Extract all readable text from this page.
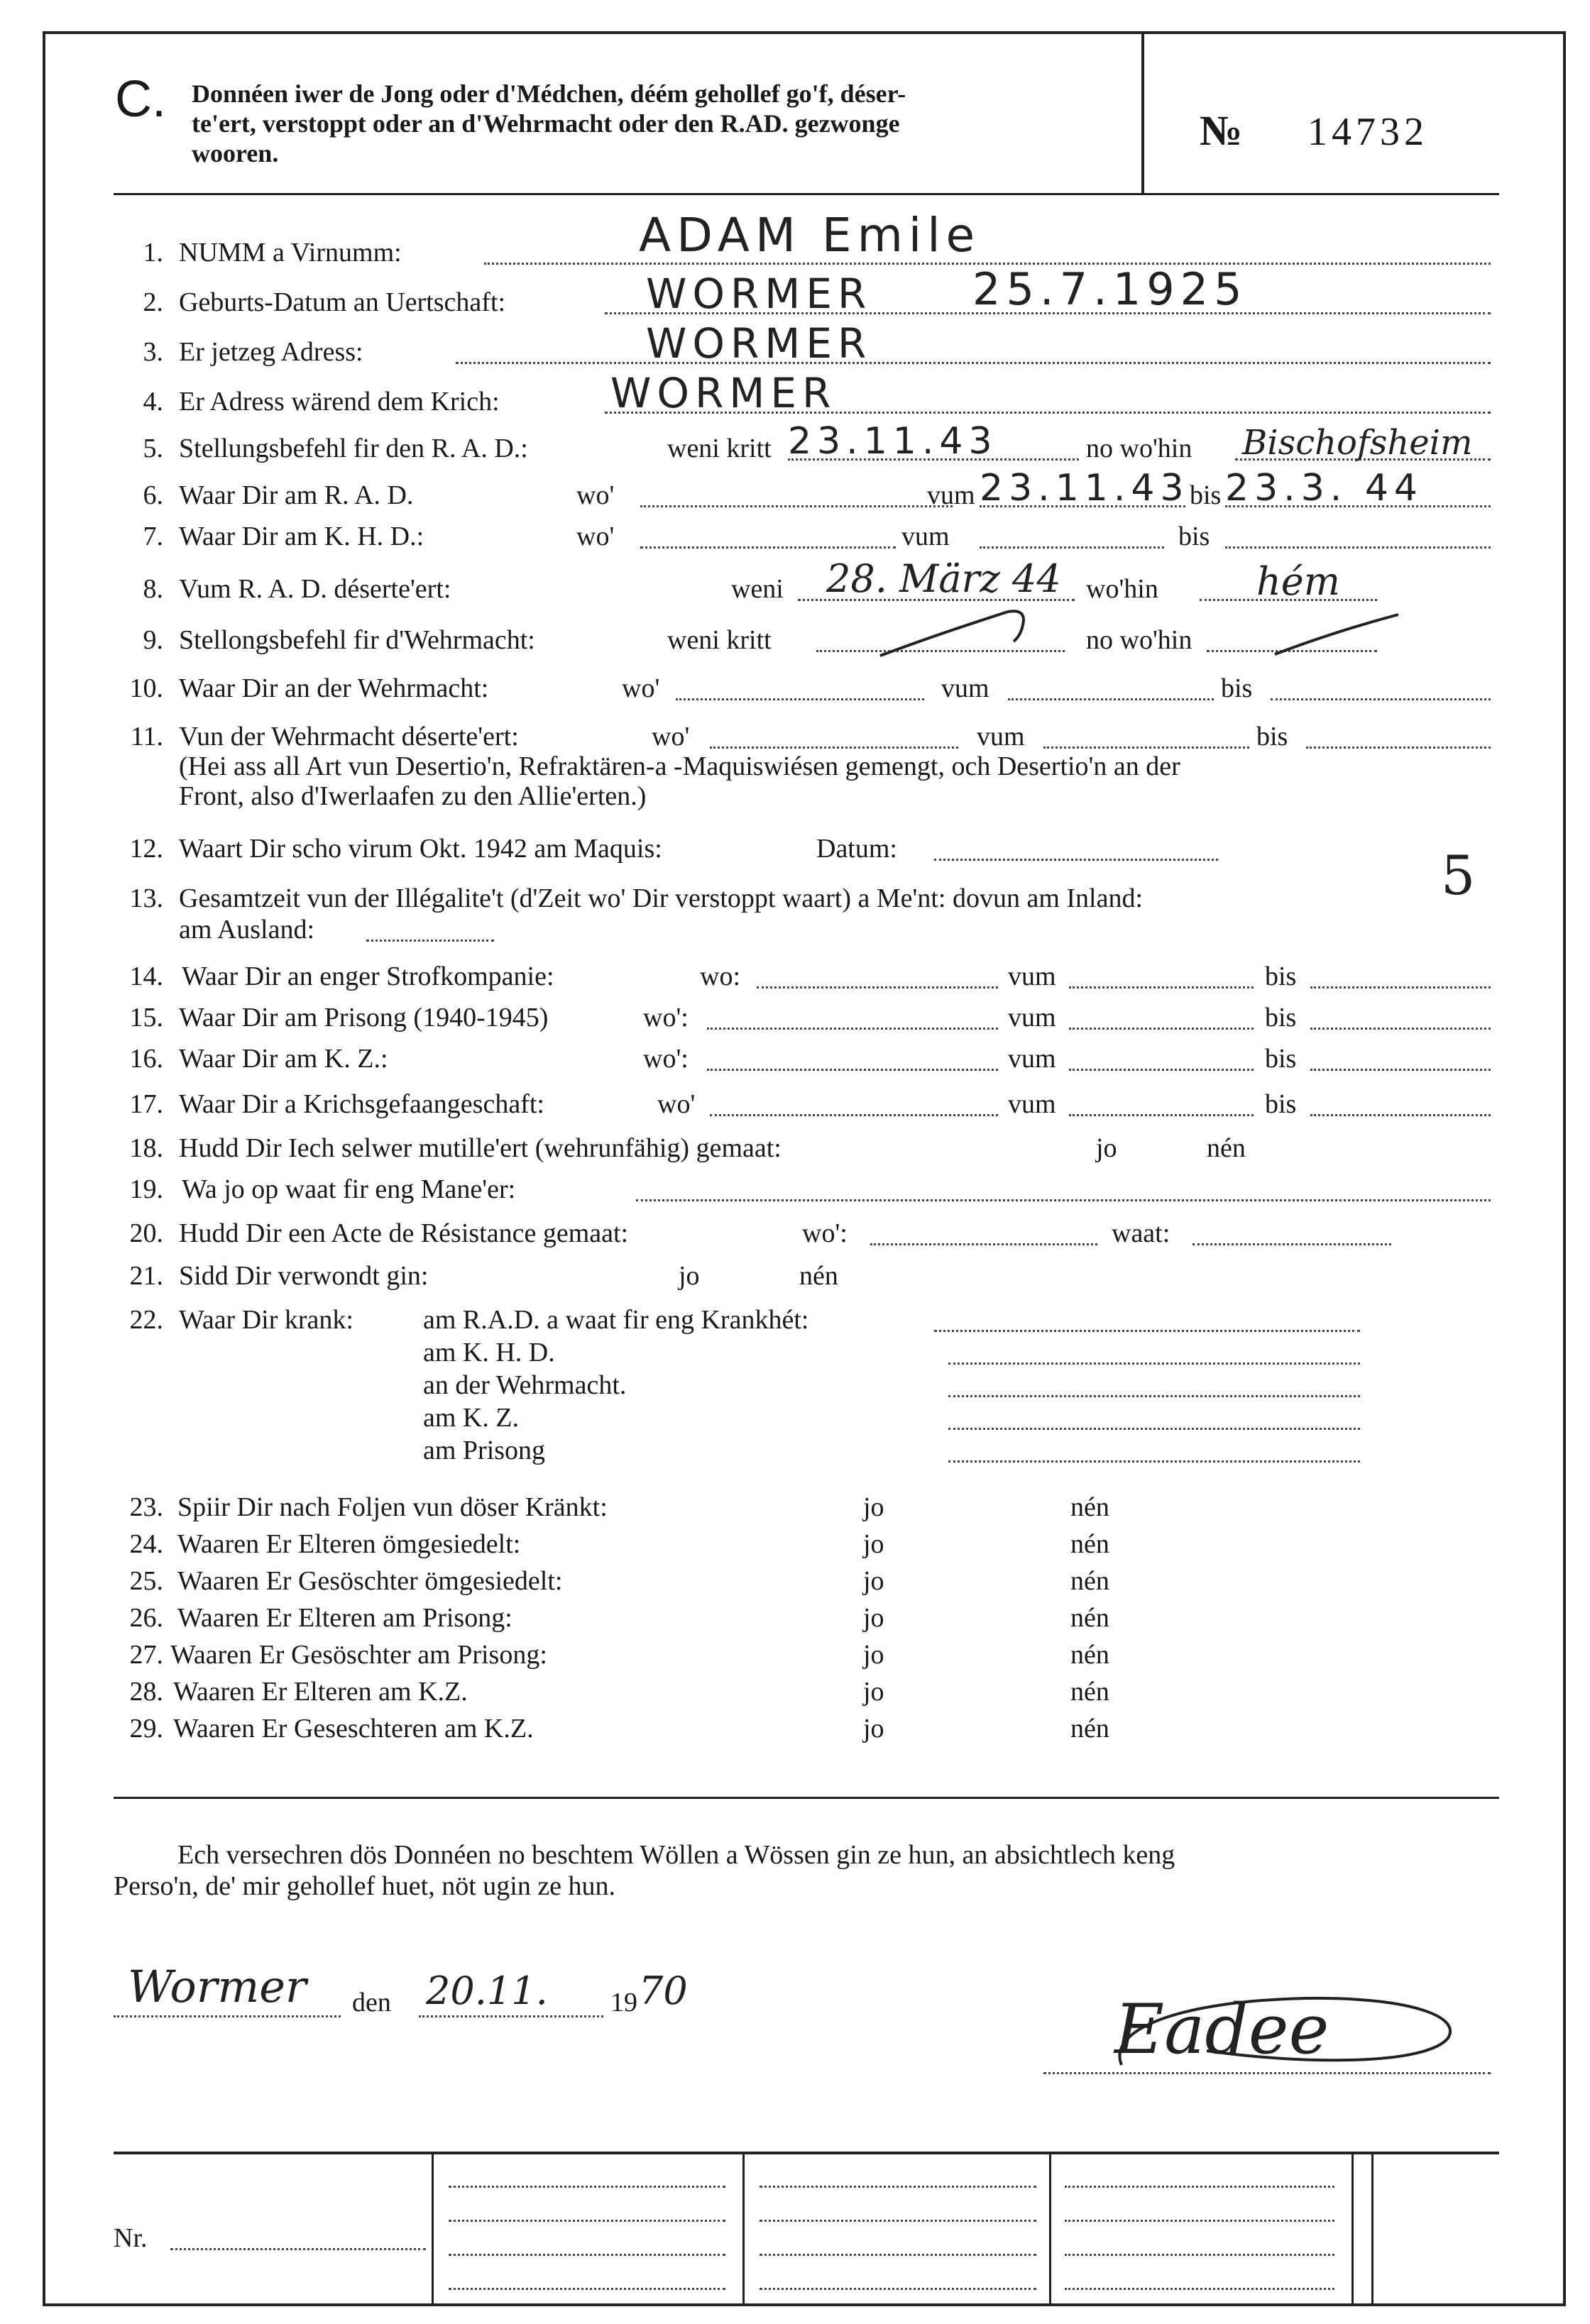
C. Donnéen iwer de Jong oder d'Médchen, déém gehollef go'f, déser-
te'ert, verstoppt oder an d'Wehrmacht oder den R.AD. gezwonge
wooren.	№ 14732
1. NUMM a Virnumm:	ADAM Emile
2. Geburts-Datum an Uertschaft:	WORMER 25.7.1925
3. Er jetzeg Adress:	WORMER
4. Er Adress wärend dem Krich:	WORMER
5. Stellungsbefehl fir den R. A. D.:	weni kritt 23.11.43	no wo'hin Bischofsheim
6. Waar Dir am R. A. D.	wo'	vum 23.11.43 bis 23.3. 44
7. Waar Dir am K. H. D.:	wo'	vum	bis
8. Vum R. A. D. déserte'ert:	weni 28. März 44 wo'hin	hém
9. Stellongsbefehl fir d'Wehrmacht:	weni kritt	no wo'hin
10. Waar Dir an der Wehrmacht:	wo'	vum	bis
11. Vun der Wehrmacht déserte'ert:	wo'	vum	bis
(Hei ass all Art vun Desertio'n, Refraktären-a -Maquiswiésen gemengt, och Desertio'n an der
Front, also d'Iwerlaafen zu den Allie'erten.)
12. Waart Dir scho virum Okt. 1942 am Maquis:	Datum:
13. Gesamtzeit vun der Illégalite't (d'Zeit wo' Dir verstoppt waart) a Me'nt: dovun am Inland:	5
am Ausland:
14. Waar Dir an enger Strofkompanie:	wo:	vum	bis
15. Waar Dir am Prisong (1940-1945)	wo':	vum	bis
16. Waar Dir am K. Z.:	wo':	vum	bis
17. Waar Dir a Krichsgefaangeschaft:	wo'	vum	bis
18. Hudd Dir Iech selwer mutille'ert (wehrunfähig) gemaat:	jo	nén
19. Wa jo op waat fir eng Mane'er:
20. Hudd Dir een Acte de Résistance gemaat:	wo':	waat:
21. Sidd Dir verwondt gin:	jo	nén
22. Waar Dir krank:	am R.A.D. a waat fir eng Krankhét:
am K. H. D.
an der Wehrmacht.
am K. Z.
am Prisong
23. Spiir Dir nach Foljen vun döser Kränkt:	jo	nén
24. Waaren Er Elteren ömgesiedelt:	jo	nén
25. Waaren Er Gesöschter ömgesiedelt:	jo	nén
26. Waaren Er Elteren am Prisong:	jo	nén
27. Waaren Er Gesöschter am Prisong:	jo	nén
28. Waaren Er Elteren am K.Z.	jo	nén
29. Waaren Er Geseschteren am K.Z.	jo	nén
Ech versechren dös Donnéen no beschtem Wöllen a Wössen gin ze hun, an absichtlech keng
Perso'n, de' mir gehollef huet, nöt ugin ze hun.
Wormer den 20.11. 19 70	Eadee
Nr.
